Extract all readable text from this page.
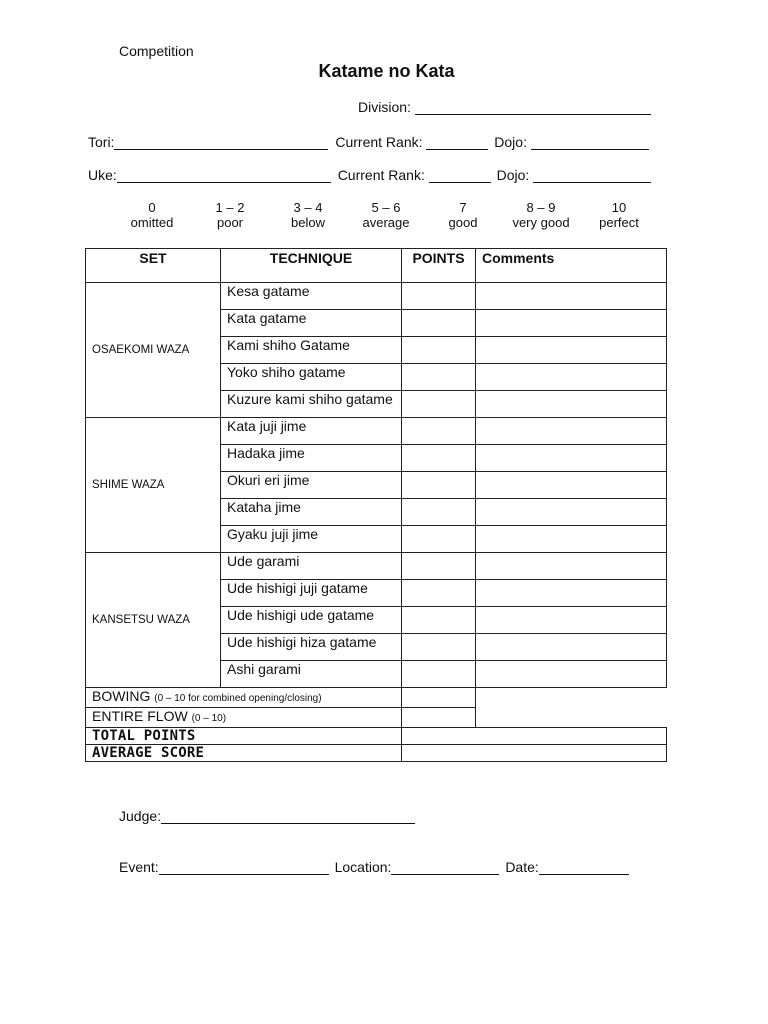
Competition
Katame no Kata
Division:
Tori:	Current Rank:	Dojo:
Uke:	Current Rank:	Dojo:
0
omitted
1 – 2
poor
3 – 4
below
5 – 6
average
7
good
8 – 9
very good
10
perfect
SET	TECHNIQUE	POINTS	Comments
OSAEKOMI WAZA	Kesa gatame		
	Kata gatame		
	Kami shiho Gatame		
	Yoko shiho gatame		
	Kuzure kami shiho gatame		
SHIME WAZA	Kata juji jime		
	Hadaka jime		
	Okuri eri jime		
	Kataha jime		
	Gyaku juji jime		
KANSETSU WAZA	Ude garami		
	Ude hishigi juji gatame		
	Ude hishigi ude gatame		
	Ude hishigi hiza gatame		
	Ashi garami		
BOWING (0 – 10 for combined opening/closing)			
ENTIRE FLOW (0 – 10)			
TOTAL POINTS			
AVERAGE SCORE			
Judge:
Event:	Location:	Date:
